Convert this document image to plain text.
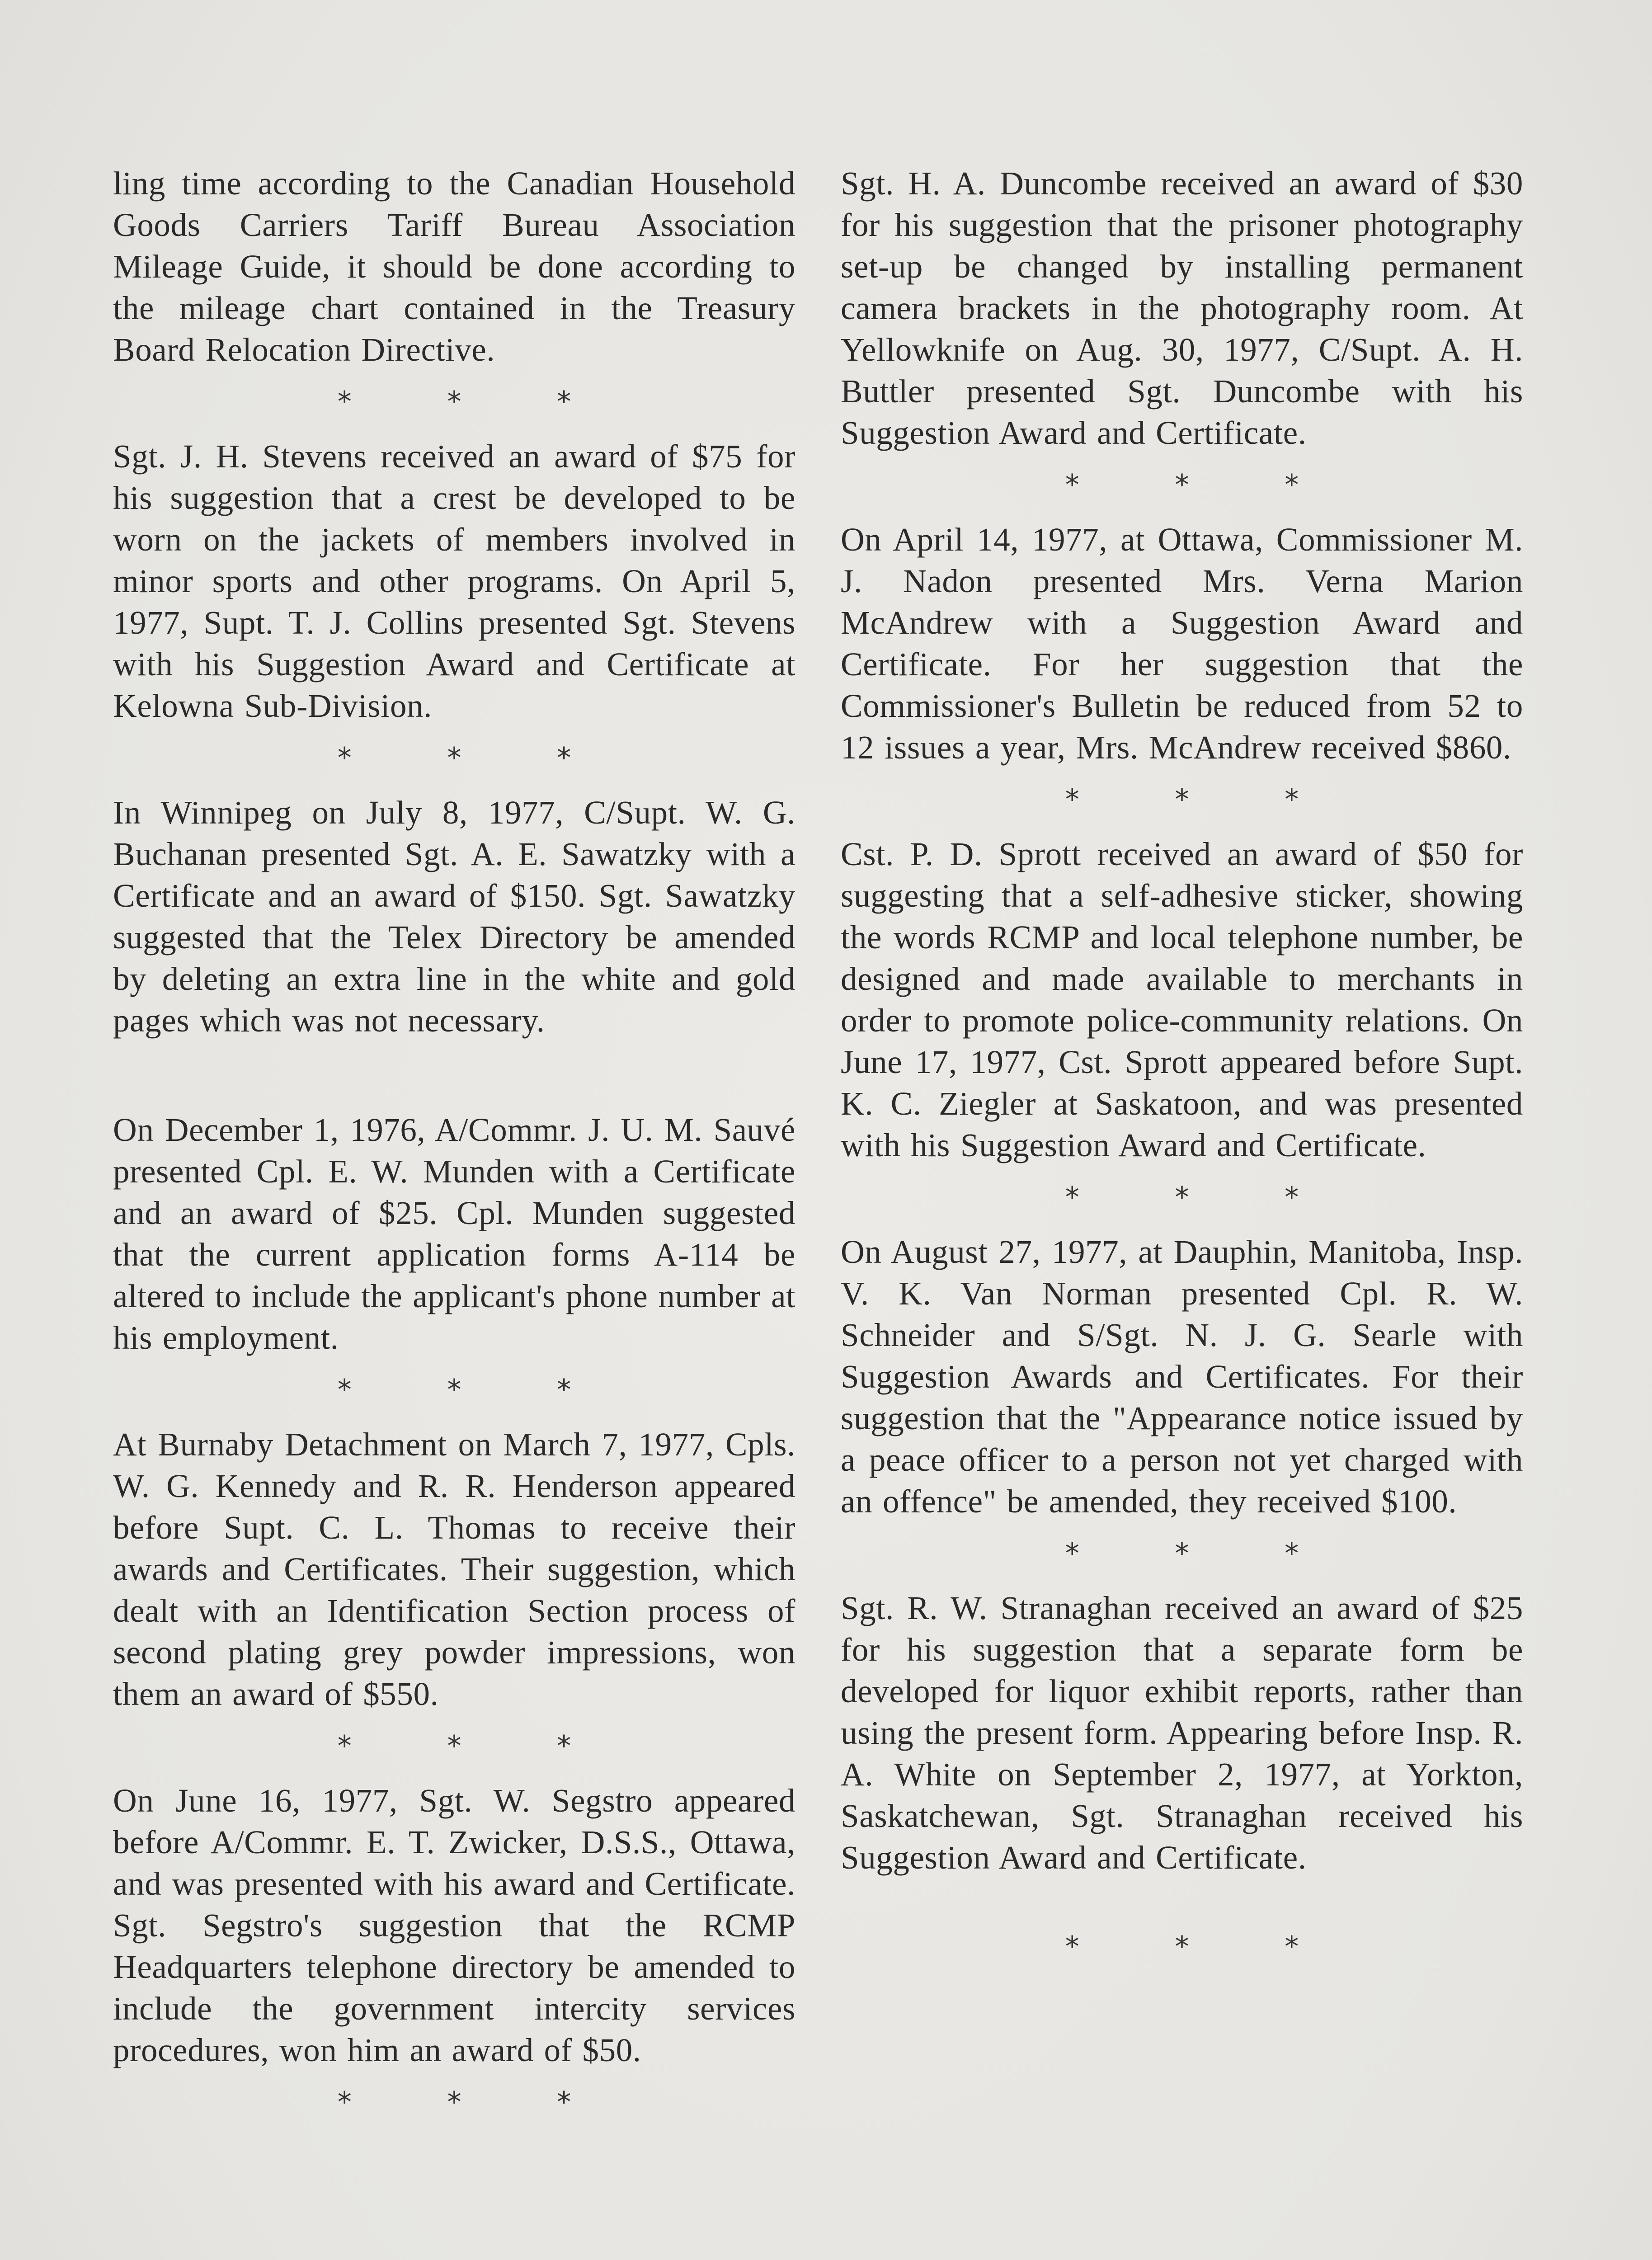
ling time according to the Canadian Household Goods Carriers Tariff Bureau Association Mileage Guide, it should be done according to the mileage chart contained in the Treasury Board Relocation Directive.

* * *

Sgt. J. H. Stevens received an award of $75 for his suggestion that a crest be developed to be worn on the jackets of members involved in minor sports and other programs. On April 5, 1977, Supt. T. J. Collins presented Sgt. Stevens with his Suggestion Award and Certificate at Kelowna Sub-Division.

* * *

In Winnipeg on July 8, 1977, C/Supt. W. G. Buchanan presented Sgt. A. E. Sawatzky with a Certificate and an award of $150. Sgt. Sawatzky suggested that the Telex Directory be amended by deleting an extra line in the white and gold pages which was not necessary.

On December 1, 1976, A/Commr. J. U. M. Sauvé presented Cpl. E. W. Munden with a Certificate and an award of $25. Cpl. Munden suggested that the current application forms A-114 be altered to include the applicant's phone number at his employment.

* * *

At Burnaby Detachment on March 7, 1977, Cpls. W. G. Kennedy and R. R. Henderson appeared before Supt. C. L. Thomas to receive their awards and Certificates. Their suggestion, which dealt with an Identification Section process of second plating grey powder impressions, won them an award of $550.

* * *

On June 16, 1977, Sgt. W. Segstro appeared before A/Commr. E. T. Zwicker, D.S.S., Ottawa, and was presented with his award and Certificate. Sgt. Segstro's suggestion that the RCMP Headquarters telephone directory be amended to include the government intercity services procedures, won him an award of $50.

* * *

Sgt. H. A. Duncombe received an award of $30 for his suggestion that the prisoner photography set-up be changed by installing permanent camera brackets in the photography room. At Yellowknife on Aug. 30, 1977, C/Supt. A. H. Buttler presented Sgt. Duncombe with his Suggestion Award and Certificate.

* * *

On April 14, 1977, at Ottawa, Commissioner M. J. Nadon presented Mrs. Verna Marion McAndrew with a Suggestion Award and Certificate. For her suggestion that the Commissioner's Bulletin be reduced from 52 to 12 issues a year, Mrs. McAndrew received $860.

* * *

Cst. P. D. Sprott received an award of $50 for suggesting that a self-adhesive sticker, showing the words RCMP and local telephone number, be designed and made available to merchants in order to promote police-community relations. On June 17, 1977, Cst. Sprott appeared before Supt. K. C. Ziegler at Saskatoon, and was presented with his Suggestion Award and Certificate.

* * *

On August 27, 1977, at Dauphin, Manitoba, Insp. V. K. Van Norman presented Cpl. R. W. Schneider and S/Sgt. N. J. G. Searle with Suggestion Awards and Certificates. For their suggestion that the "Appearance notice issued by a peace officer to a person not yet charged with an offence" be amended, they received $100.

* * *

Sgt. R. W. Stranaghan received an award of $25 for his suggestion that a separate form be developed for liquor exhibit reports, rather than using the present form. Appearing before Insp. R. A. White on September 2, 1977, at Yorkton, Saskatchewan, Sgt. Stranaghan received his Suggestion Award and Certificate.

* * *
